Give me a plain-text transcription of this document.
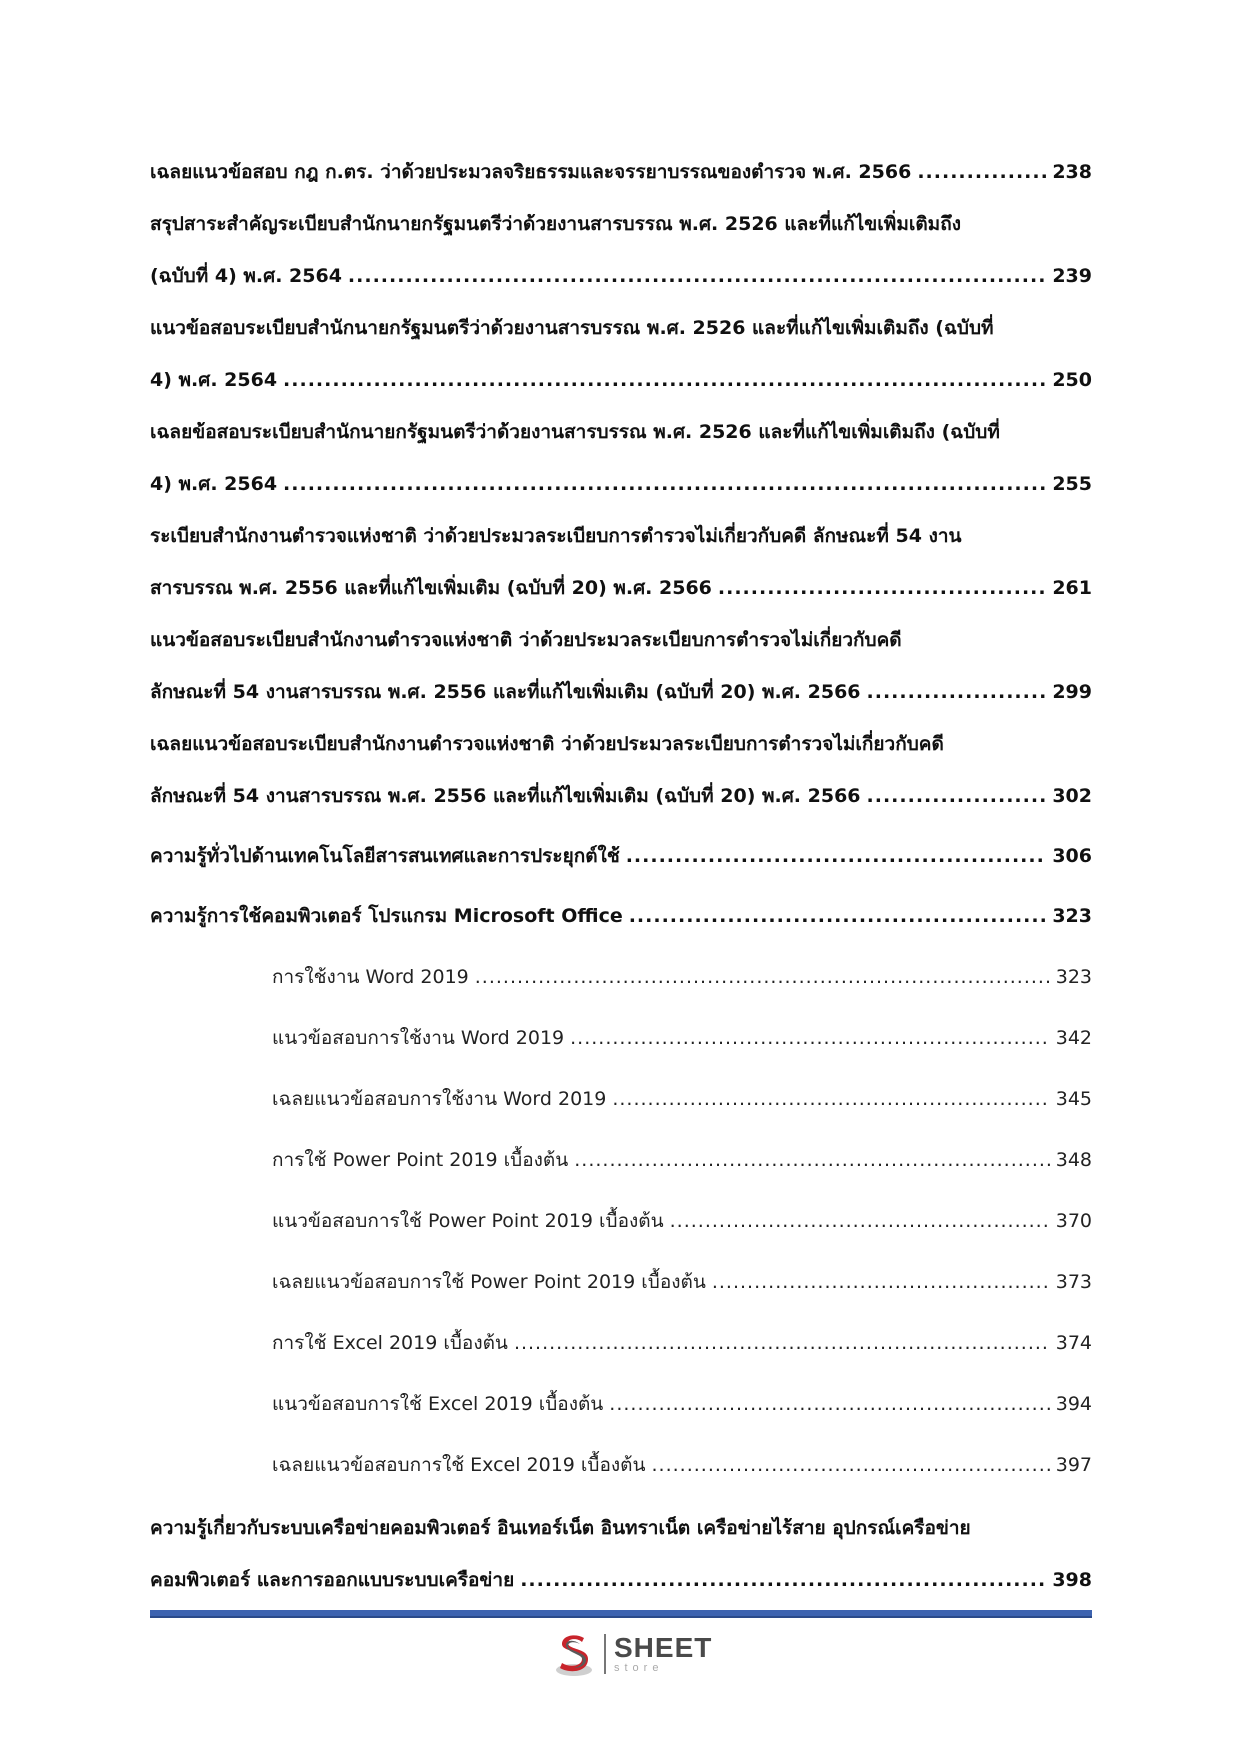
เฉลยแนวข้อสอบ กฎ ก.ตร. ว่าด้วยประมวลจริยธรรมและจรรยาบรรณของตำรวจ พ.ศ. 2566 .....	238
สรุปสาระสำคัญระเบียบสำนักนายกรัฐมนตรีว่าด้วยงานสารบรรณ พ.ศ. 2526 และที่แก้ไขเพิ่มเติมถึง
(ฉบับที่ 4) พ.ศ. 2564 .....	239
แนวข้อสอบระเบียบสำนักนายกรัฐมนตรีว่าด้วยงานสารบรรณ พ.ศ. 2526 และที่แก้ไขเพิ่มเติมถึง (ฉบับที่
4) พ.ศ. 2564 .....	250
เฉลยข้อสอบระเบียบสำนักนายกรัฐมนตรีว่าด้วยงานสารบรรณ พ.ศ. 2526 และที่แก้ไขเพิ่มเติมถึง (ฉบับที่
4) พ.ศ. 2564 .....	255
ระเบียบสำนักงานตำรวจแห่งชาติ ว่าด้วยประมวลระเบียบการตำรวจไม่เกี่ยวกับคดี ลักษณะที่ 54 งาน
สารบรรณ พ.ศ. 2556 และที่แก้ไขเพิ่มเติม (ฉบับที่ 20) พ.ศ. 2566 .....	261
แนวข้อสอบระเบียบสำนักงานตำรวจแห่งชาติ ว่าด้วยประมวลระเบียบการตำรวจไม่เกี่ยวกับคดี
ลักษณะที่ 54 งานสารบรรณ พ.ศ. 2556 และที่แก้ไขเพิ่มเติม (ฉบับที่ 20) พ.ศ. 2566 .....	299
เฉลยแนวข้อสอบระเบียบสำนักงานตำรวจแห่งชาติ ว่าด้วยประมวลระเบียบการตำรวจไม่เกี่ยวกับคดี
ลักษณะที่ 54 งานสารบรรณ พ.ศ. 2556 และที่แก้ไขเพิ่มเติม (ฉบับที่ 20) พ.ศ. 2566 .....	302
ความรู้ทั่วไปด้านเทคโนโลยีสารสนเทศและการประยุกต์ใช้ .....	306
ความรู้การใช้คอมพิวเตอร์ โปรแกรม Microsoft Office .....	323
การใช้งาน Word 2019 .....	323
แนวข้อสอบการใช้งาน Word 2019 .....	342
เฉลยแนวข้อสอบการใช้งาน Word 2019 .....	345
การใช้ Power Point 2019 เบื้องต้น .....	348
แนวข้อสอบการใช้ Power Point 2019 เบื้องต้น .....	370
เฉลยแนวข้อสอบการใช้ Power Point 2019 เบื้องต้น .....	373
การใช้ Excel 2019 เบื้องต้น .....	374
แนวข้อสอบการใช้ Excel 2019 เบื้องต้น .....	394
เฉลยแนวข้อสอบการใช้ Excel 2019 เบื้องต้น .....	397
ความรู้เกี่ยวกับระบบเครือข่ายคอมพิวเตอร์ อินเทอร์เน็ต อินทราเน็ต เครือข่ายไร้สาย อุปกรณ์เครือข่าย
คอมพิวเตอร์ และการออกแบบระบบเครือข่าย .....	398
SHEET
store
